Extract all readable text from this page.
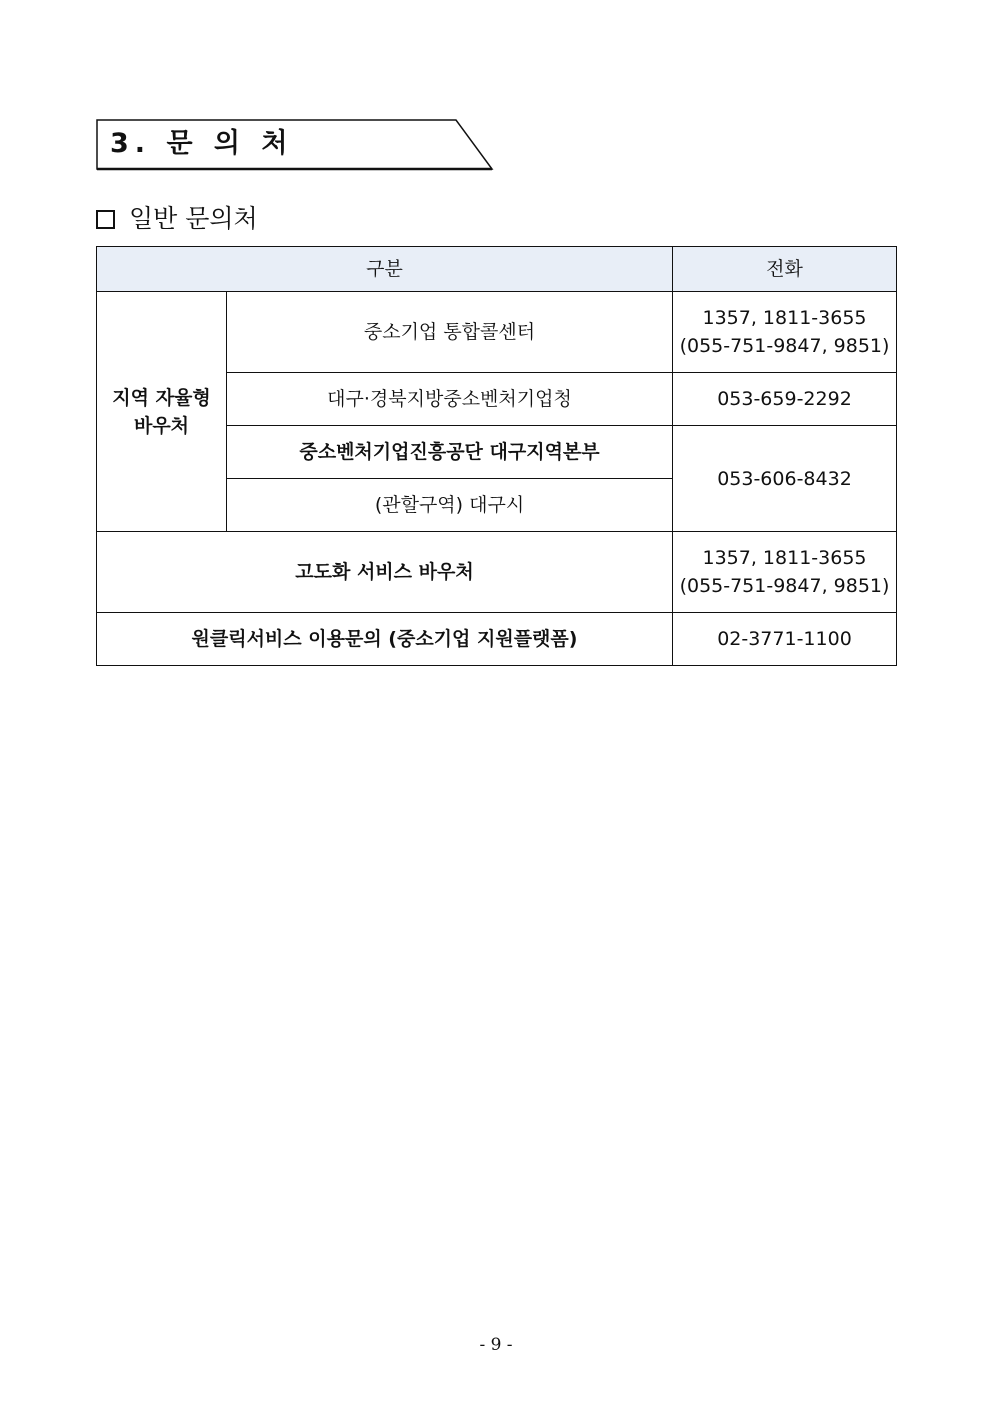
3. 문 의 처
일반 문의처
구분		전화
지역 자율형
바우처	중소기업 통합콜센터	1357, 1811-3655
(055-751-9847, 9851)
	대구·경북지방중소벤처기업청	053-659-2292
	중소벤처기업진흥공단 대구지역본부	053-606-8432
	(관할구역) 대구시	
고도화 서비스 바우처		1357, 1811-3655
(055-751-9847, 9851)
원클릭서비스 이용문의 (중소기업 지원플랫폼)		02-3771-1100
- 9 -
